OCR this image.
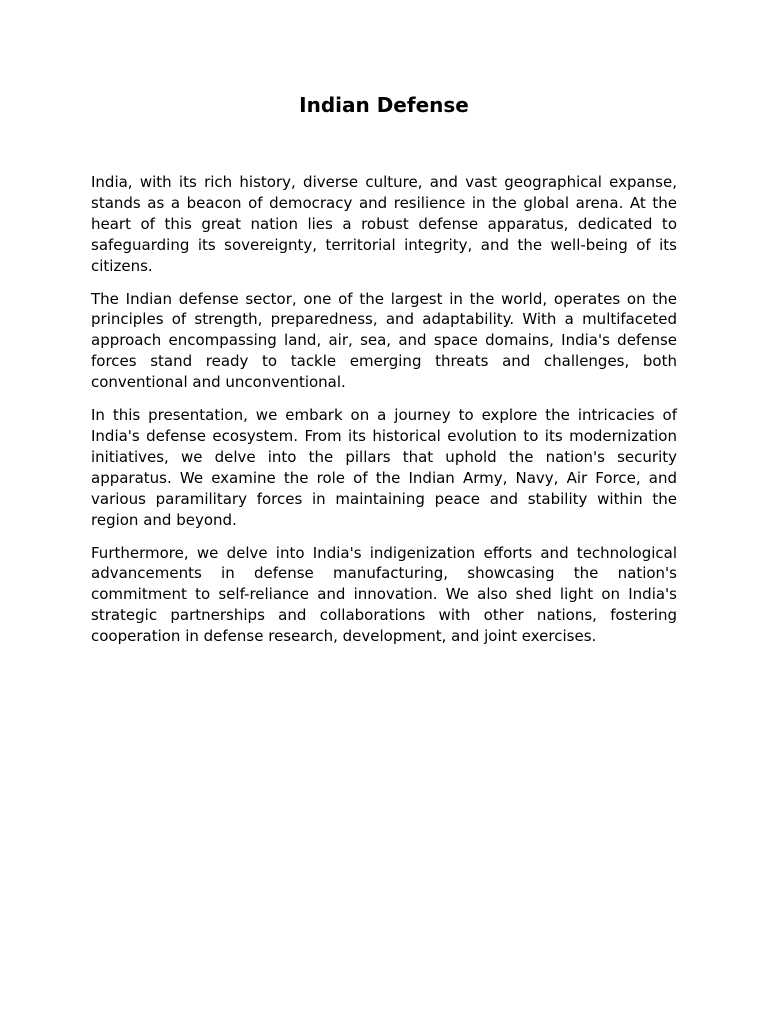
Indian Defense

India, with its rich history, diverse culture, and vast geographical expanse, stands as a beacon of democracy and resilience in the global arena. At the heart of this great nation lies a robust defense apparatus, dedicated to safeguarding its sovereignty, territorial integrity, and the well-being of its citizens.

The Indian defense sector, one of the largest in the world, operates on the principles of strength, preparedness, and adaptability. With a multifaceted approach encompassing land, air, sea, and space domains, India's defense forces stand ready to tackle emerging threats and challenges, both conventional and unconventional.

In this presentation, we embark on a journey to explore the intricacies of India's defense ecosystem. From its historical evolution to its modernization initiatives, we delve into the pillars that uphold the nation's security apparatus. We examine the role of the Indian Army, Navy, Air Force, and various paramilitary forces in maintaining peace and stability within the region and beyond.

Furthermore, we delve into India's indigenization efforts and technological advancements in defense manufacturing, showcasing the nation's commitment to self-reliance and innovation. We also shed light on India's strategic partnerships and collaborations with other nations, fostering cooperation in defense research, development, and joint exercises.
